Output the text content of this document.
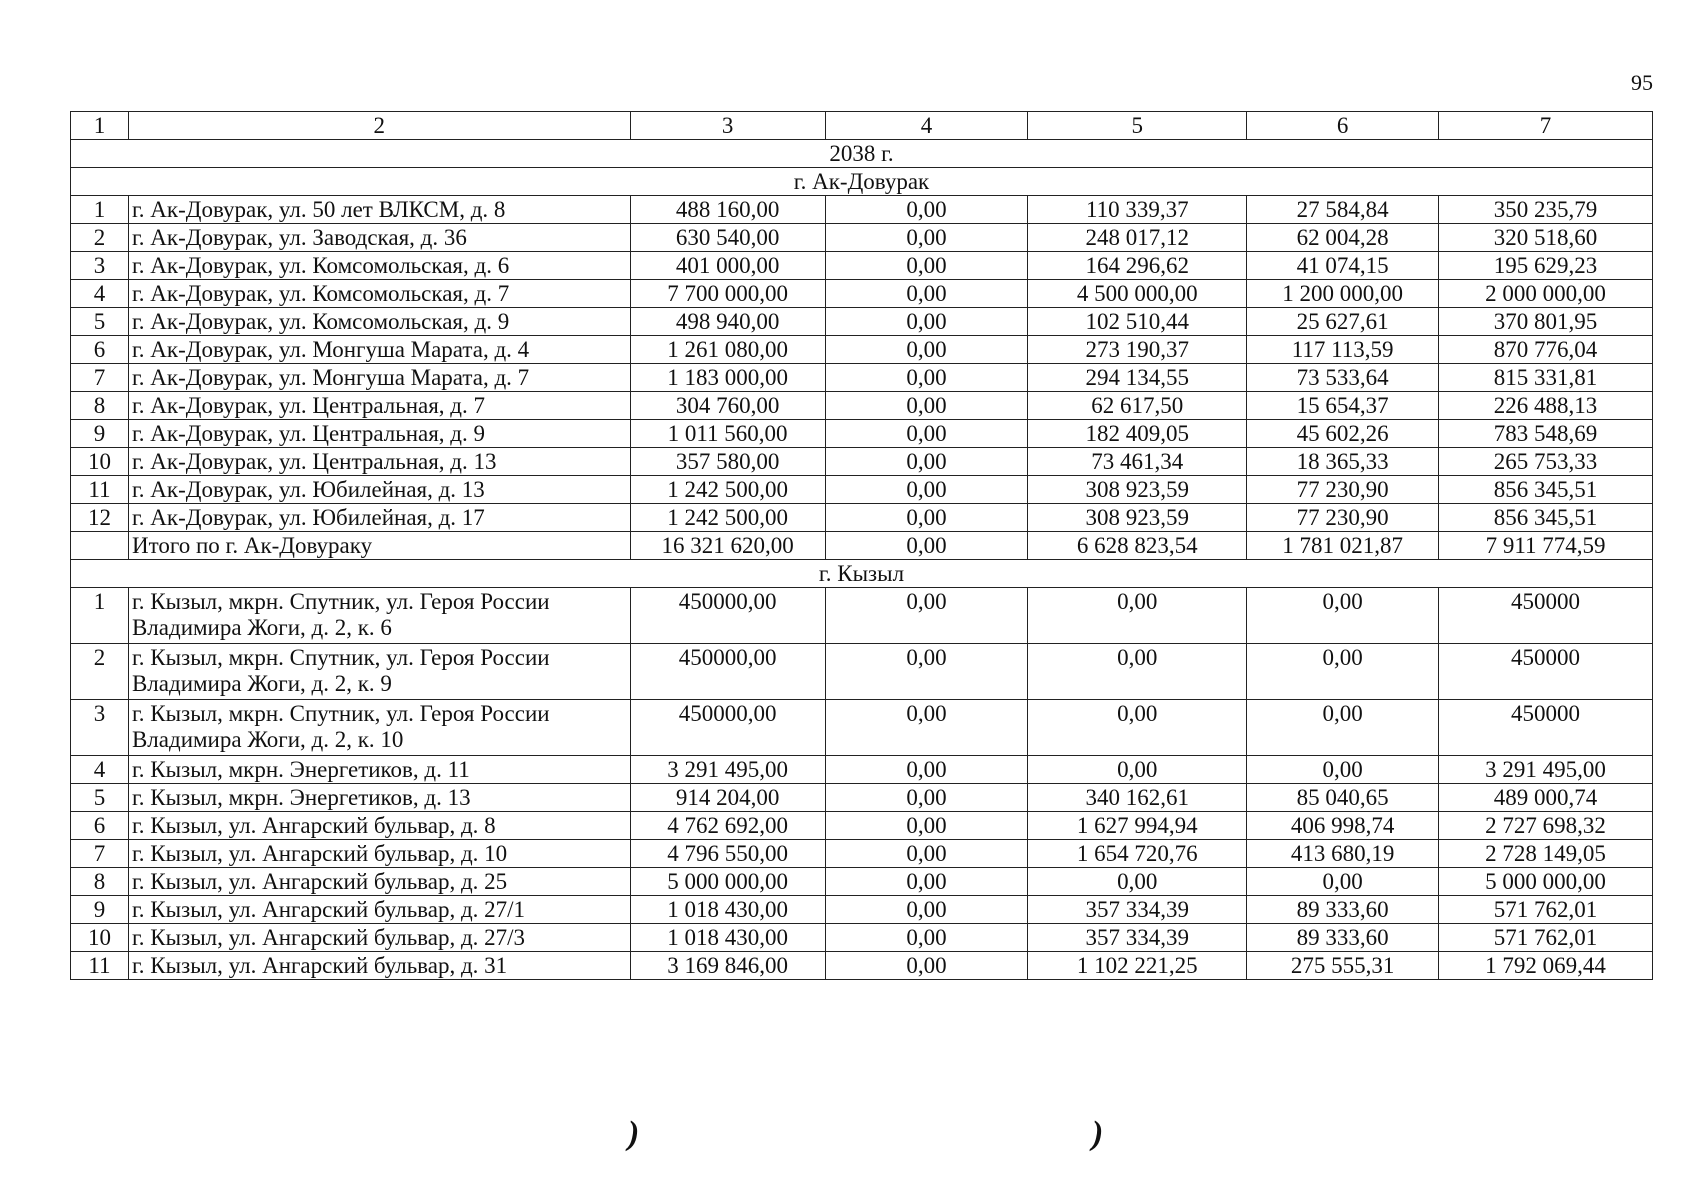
95
1	2	3	4	5	6	7
2038 г.						
г. Ак-Довурак						
1	г. Ак-Довурак, ул. 50 лет ВЛКСМ, д. 8	488 160,00	0,00	110 339,37	27 584,84	350 235,79
2	г. Ак-Довурак, ул. Заводская, д. 36	630 540,00	0,00	248 017,12	62 004,28	320 518,60
3	г. Ак-Довурак, ул. Комсомольская, д. 6	401 000,00	0,00	164 296,62	41 074,15	195 629,23
4	г. Ак-Довурак, ул. Комсомольская, д. 7	7 700 000,00	0,00	4 500 000,00	1 200 000,00	2 000 000,00
5	г. Ак-Довурак, ул. Комсомольская, д. 9	498 940,00	0,00	102 510,44	25 627,61	370 801,95
6	г. Ак-Довурак, ул. Монгуша Марата, д. 4	1 261 080,00	0,00	273 190,37	117 113,59	870 776,04
7	г. Ак-Довурак, ул. Монгуша Марата, д. 7	1 183 000,00	0,00	294 134,55	73 533,64	815 331,81
8	г. Ак-Довурак, ул. Центральная, д. 7	304 760,00	0,00	62 617,50	15 654,37	226 488,13
9	г. Ак-Довурак, ул. Центральная, д. 9	1 011 560,00	0,00	182 409,05	45 602,26	783 548,69
10	г. Ак-Довурак, ул. Центральная, д. 13	357 580,00	0,00	73 461,34	18 365,33	265 753,33
11	г. Ак-Довурак, ул. Юбилейная, д. 13	1 242 500,00	0,00	308 923,59	77 230,90	856 345,51
12	г. Ак-Довурак, ул. Юбилейная, д. 17	1 242 500,00	0,00	308 923,59	77 230,90	856 345,51
	Итого по г. Ак-Довураку	16 321 620,00	0,00	6 628 823,54	1 781 021,87	7 911 774,59
г. Кызыл						
1	г. Кызыл, мкрн. Спутник, ул. Героя России Владимира Жоги, д. 2, к. 6	450000,00	0,00	0,00	0,00	450000
2	г. Кызыл, мкрн. Спутник, ул. Героя России Владимира Жоги, д. 2, к. 9	450000,00	0,00	0,00	0,00	450000
3	г. Кызыл, мкрн. Спутник, ул. Героя России Владимира Жоги, д. 2, к. 10	450000,00	0,00	0,00	0,00	450000
4	г. Кызыл, мкрн. Энергетиков, д. 11	3 291 495,00	0,00	0,00	0,00	3 291 495,00
5	г. Кызыл, мкрн. Энергетиков, д. 13	914 204,00	0,00	340 162,61	85 040,65	489 000,74
6	г. Кызыл, ул. Ангарский бульвар, д. 8	4 762 692,00	0,00	1 627 994,94	406 998,74	2 727 698,32
7	г. Кызыл, ул. Ангарский бульвар, д. 10	4 796 550,00	0,00	1 654 720,76	413 680,19	2 728 149,05
8	г. Кызыл, ул. Ангарский бульвар, д. 25	5 000 000,00	0,00	0,00	0,00	5 000 000,00
9	г. Кызыл, ул. Ангарский бульвар, д. 27/1	1 018 430,00	0,00	357 334,39	89 333,60	571 762,01
10	г. Кызыл, ул. Ангарский бульвар, д. 27/3	1 018 430,00	0,00	357 334,39	89 333,60	571 762,01
11	г. Кызыл, ул. Ангарский бульвар, д. 31	3 169 846,00	0,00	1 102 221,25	275 555,31	1 792 069,44
)	)
